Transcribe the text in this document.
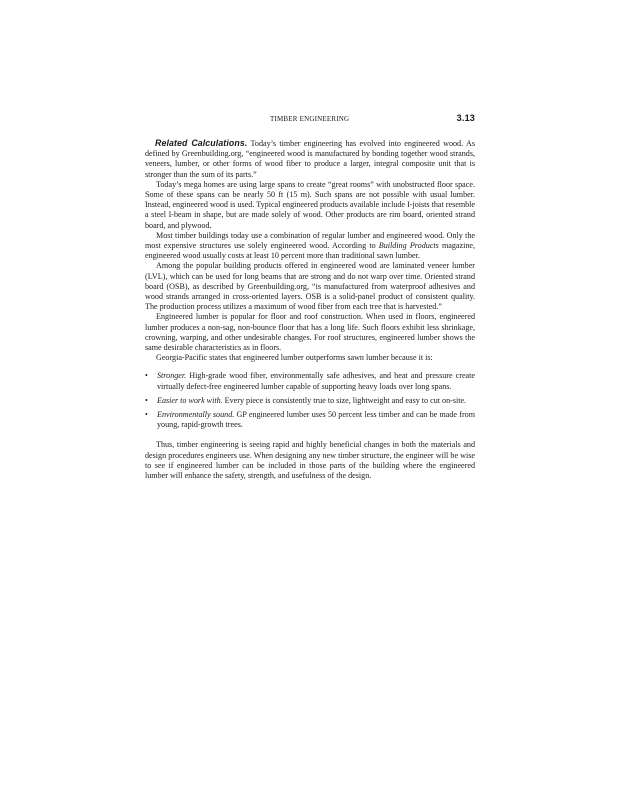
TIMBER ENGINEERING	3.13

Related Calculations. Today’s timber engineering has evolved into engineered wood. As defined by Greenbuilding.org, “engineered wood is manufactured by bonding together wood strands, veneers, lumber, or other forms of wood fiber to produce a larger, integral composite unit that is stronger than the sum of its parts.”

Today’s mega homes are using large spans to create “great rooms” with unobstructed floor space. Some of these spans can be nearly 50 ft (15 m). Such spans are not possible with usual lumber. Instead, engineered wood is used. Typical engineered products available include I-joists that resemble a steel I-beam in shape, but are made solely of wood. Other products are rim board, oriented strand board, and plywood.

Most timber buildings today use a combination of regular lumber and engineered wood. Only the most expensive structures use solely engineered wood. According to Building Products magazine, engineered wood usually costs at least 10 percent more than traditional sawn lumber.

Among the popular building products offered in engineered wood are laminated veneer lumber (LVL), which can be used for long beams that are strong and do not warp over time. Oriented strand board (OSB), as described by Greenbuilding.org, “is manufactured from waterproof adhesives and wood strands arranged in cross-oriented layers. OSB is a solid-panel product of consistent quality. The production process utilizes a maximum of wood fiber from each tree that is harvested.”

Engineered lumber is popular for floor and roof construction. When used in floors, engineered lumber produces a non-sag, non-bounce floor that has a long life. Such floors exhibit less shrinkage, crowning, warping, and other undesirable changes. For roof structures, engineered lumber shows the same desirable characteristics as in floors.

Georgia-Pacific states that engineered lumber outperforms sawn lumber because it is:

• Stronger. High-grade wood fiber, environmentally safe adhesives, and heat and pressure create virtually defect-free engineered lumber capable of supporting heavy loads over long spans.
• Easier to work with. Every piece is consistently true to size, lightweight and easy to cut on-site.
• Environmentally sound. GP engineered lumber uses 50 percent less timber and can be made from young, rapid-growth trees.

Thus, timber engineering is seeing rapid and highly beneficial changes in both the materials and design procedures engineers use. When designing any new timber structure, the engineer will be wise to see if engineered lumber can be included in those parts of the building where the engineered lumber will enhance the safety, strength, and usefulness of the design.
